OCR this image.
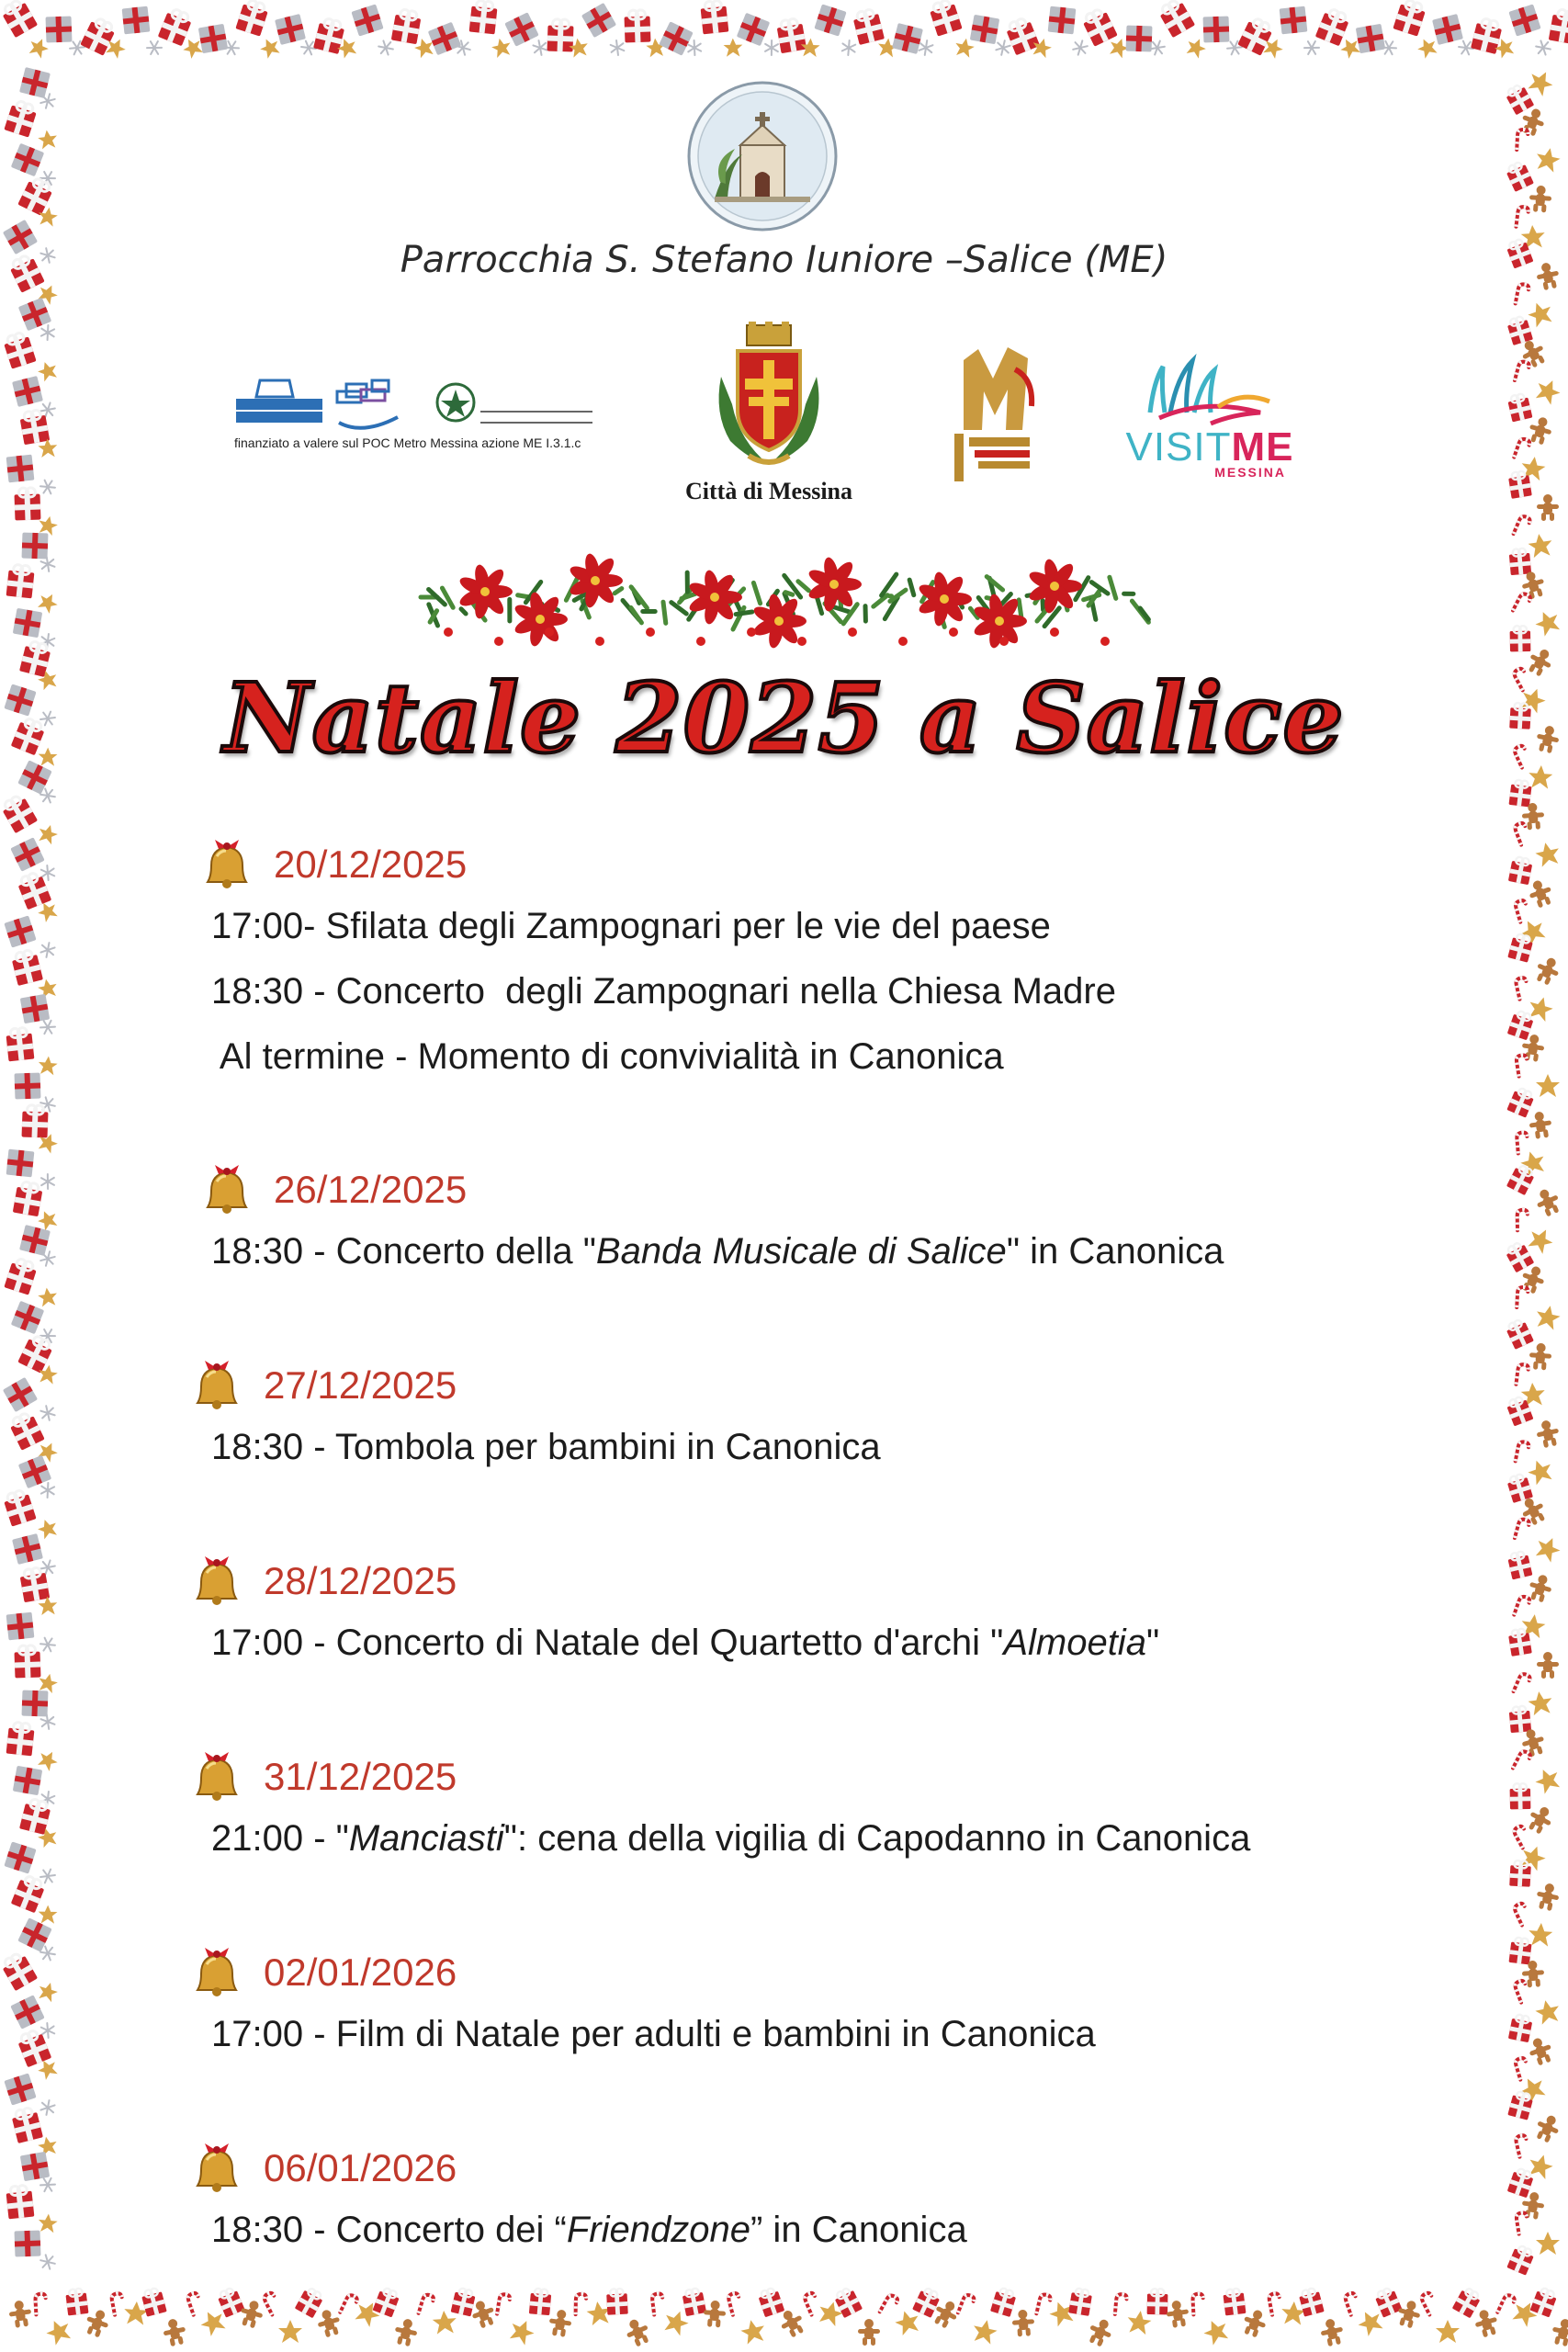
Parrocchia S. Stefano Iuniore –Salice (ME)
finanziato a valere sul POC Metro Messina azione ME I.3.1.c
Città di Messina
VISITME
MESSINA
Natale 2025 a Salice
20/12/2025
17:00- Sfilata degli Zampognari per le vie del paese
18:30 - Concerto  degli Zampognari nella Chiesa Madre
Al termine - Momento di convivialità in Canonica
26/12/2025
18:30 - Concerto della "Banda Musicale di Salice" in Canonica
27/12/2025
18:30 - Tombola per bambini in Canonica
28/12/2025
17:00 - Concerto di Natale del Quartetto d'archi "Almoetia"
31/12/2025
21:00 - "Manciasti": cena della vigilia di Capodanno in Canonica
02/01/2026
17:00 - Film di Natale per adulti e bambini in Canonica
06/01/2026
18:30 - Concerto dei “Friendzone” in Canonica
